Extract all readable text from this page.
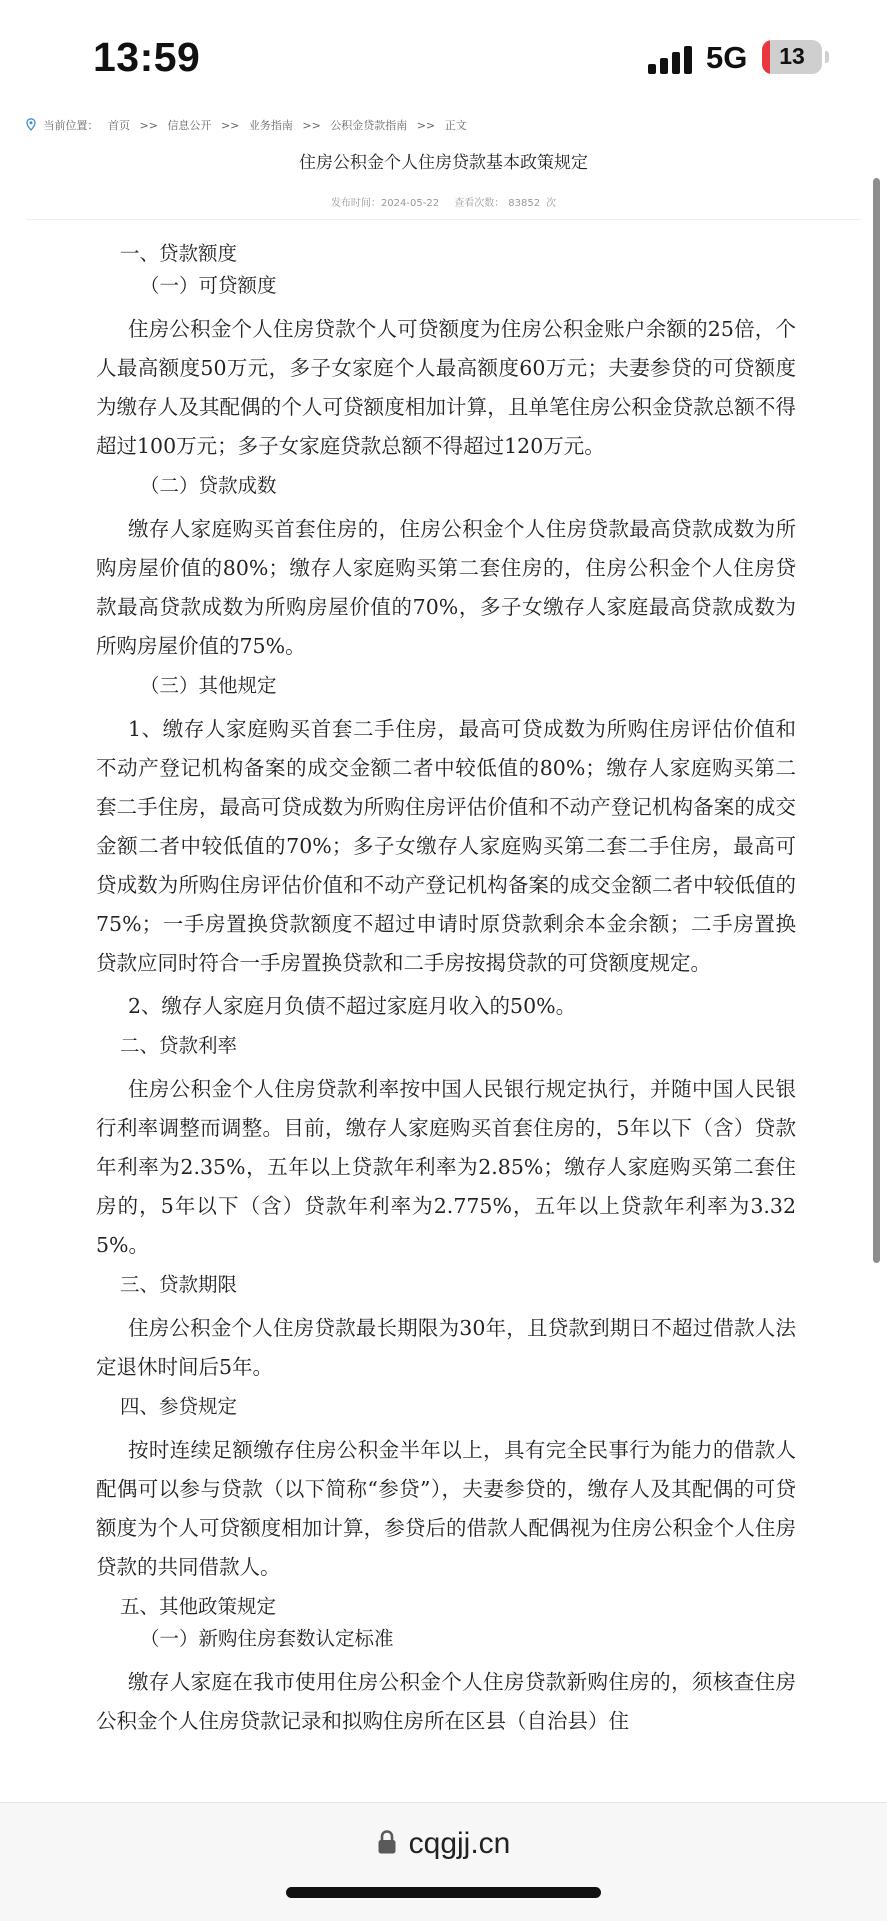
13:59	5G	13
当前位置： 首页 >> 信息公开 >> 业务指南 >> 公积金贷款指南 >> 正文
住房公积金个人住房贷款基本政策规定
发布时间：2024-05-22 查看次数： 83852 次

一、贷款额度

（一）可贷额度

住房公积金个人住房贷款个人可贷额度为住房公积金账户余额的25倍，个人最高额度50万元，多子女家庭个人最高额度60万元；夫妻参贷的可贷额度为缴存人及其配偶的个人可贷额度相加计算，且单笔住房公积金贷款总额不得超过100万元；多子女家庭贷款总额不得超过120万元。

（二）贷款成数

缴存人家庭购买首套住房的，住房公积金个人住房贷款最高贷款成数为所购房屋价值的80%；缴存人家庭购买第二套住房的，住房公积金个人住房贷款最高贷款成数为所购房屋价值的70%，多子女缴存人家庭最高贷款成数为所购房屋价值的75%。

（三）其他规定

1、缴存人家庭购买首套二手住房，最高可贷成数为所购住房评估价值和不动产登记机构备案的成交金额二者中较低值的80%；缴存人家庭购买第二套二手住房，最高可贷成数为所购住房评估价值和不动产登记机构备案的成交金额二者中较低值的70%；多子女缴存人家庭购买第二套二手住房，最高可贷成数为所购住房评估价值和不动产登记机构备案的成交金额二者中较低值的75%；一手房置换贷款额度不超过申请时原贷款剩余本金余额；二手房置换贷款应同时符合一手房置换贷款和二手房按揭贷款的可贷额度规定。

2、缴存人家庭月负债不超过家庭月收入的50%。

二、贷款利率

住房公积金个人住房贷款利率按中国人民银行规定执行，并随中国人民银行利率调整而调整。目前，缴存人家庭购买首套住房的，5年以下（含）贷款年利率为2.35%，五年以上贷款年利率为2.85%；缴存人家庭购买第二套住房的，5年以下（含）贷款年利率为2.775%，五年以上贷款年利率为3.325%。

三、贷款期限

住房公积金个人住房贷款最长期限为30年，且贷款到期日不超过借款人法定退休时间后5年。

四、参贷规定

按时连续足额缴存住房公积金半年以上，具有完全民事行为能力的借款人配偶可以参与贷款（以下简称“参贷”），夫妻参贷的，缴存人及其配偶的可贷额度为个人可贷额度相加计算，参贷后的借款人配偶视为住房公积金个人住房贷款的共同借款人。

五、其他政策规定

（一）新购住房套数认定标准

缴存人家庭在我市使用住房公积金个人住房贷款新购住房的，须核查住房公积金个人住房贷款记录和拟购住房所在区县（自治县）住

cqgjj.cn
